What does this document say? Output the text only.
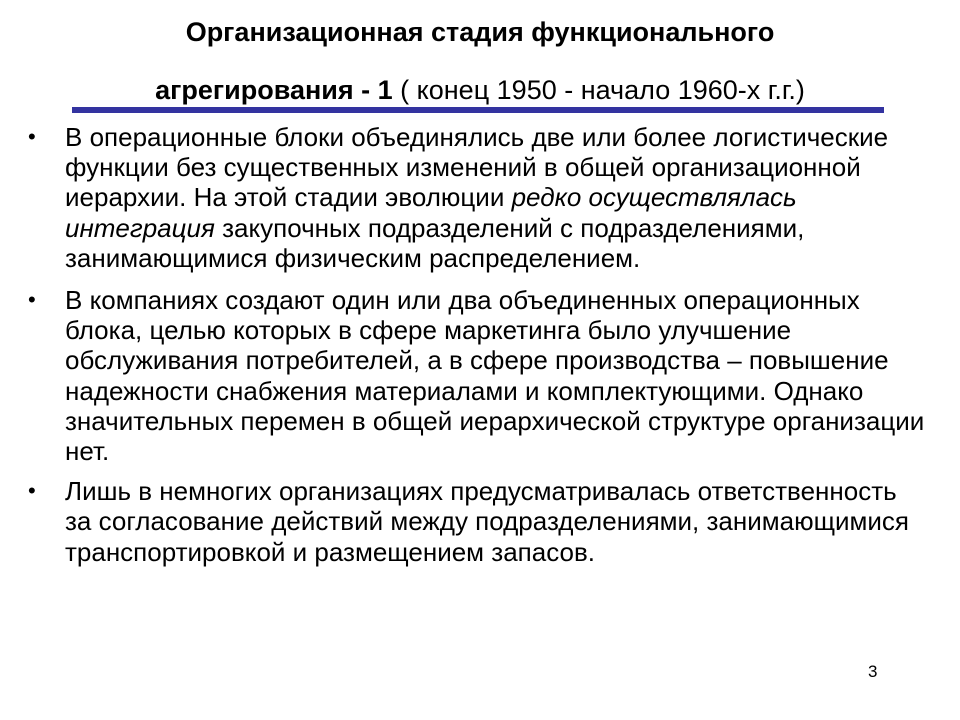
Организационная стадия функционального
агрегирования - 1 ( конец 1950 - начало 1960-х г.г.)
• В операционные блоки объединялись две или более логистические функции без существенных изменений в общей организационной иерархии. На этой стадии эволюции редко осуществлялась интеграция закупочных подразделений с подразделениями, занимающимися физическим распределением.
• В компаниях создают один или два объединенных операционных блока, целью которых в сфере маркетинга было улучшение обслуживания потребителей, а в сфере производства – повышение надежности снабжения материалами и комплектующими. Однако значительных перемен в общей иерархической структуре организации нет.
• Лишь в немногих организациях предусматривалась ответственность за согласование действий между подразделениями, занимающимися транспортировкой и размещением запасов.
3
